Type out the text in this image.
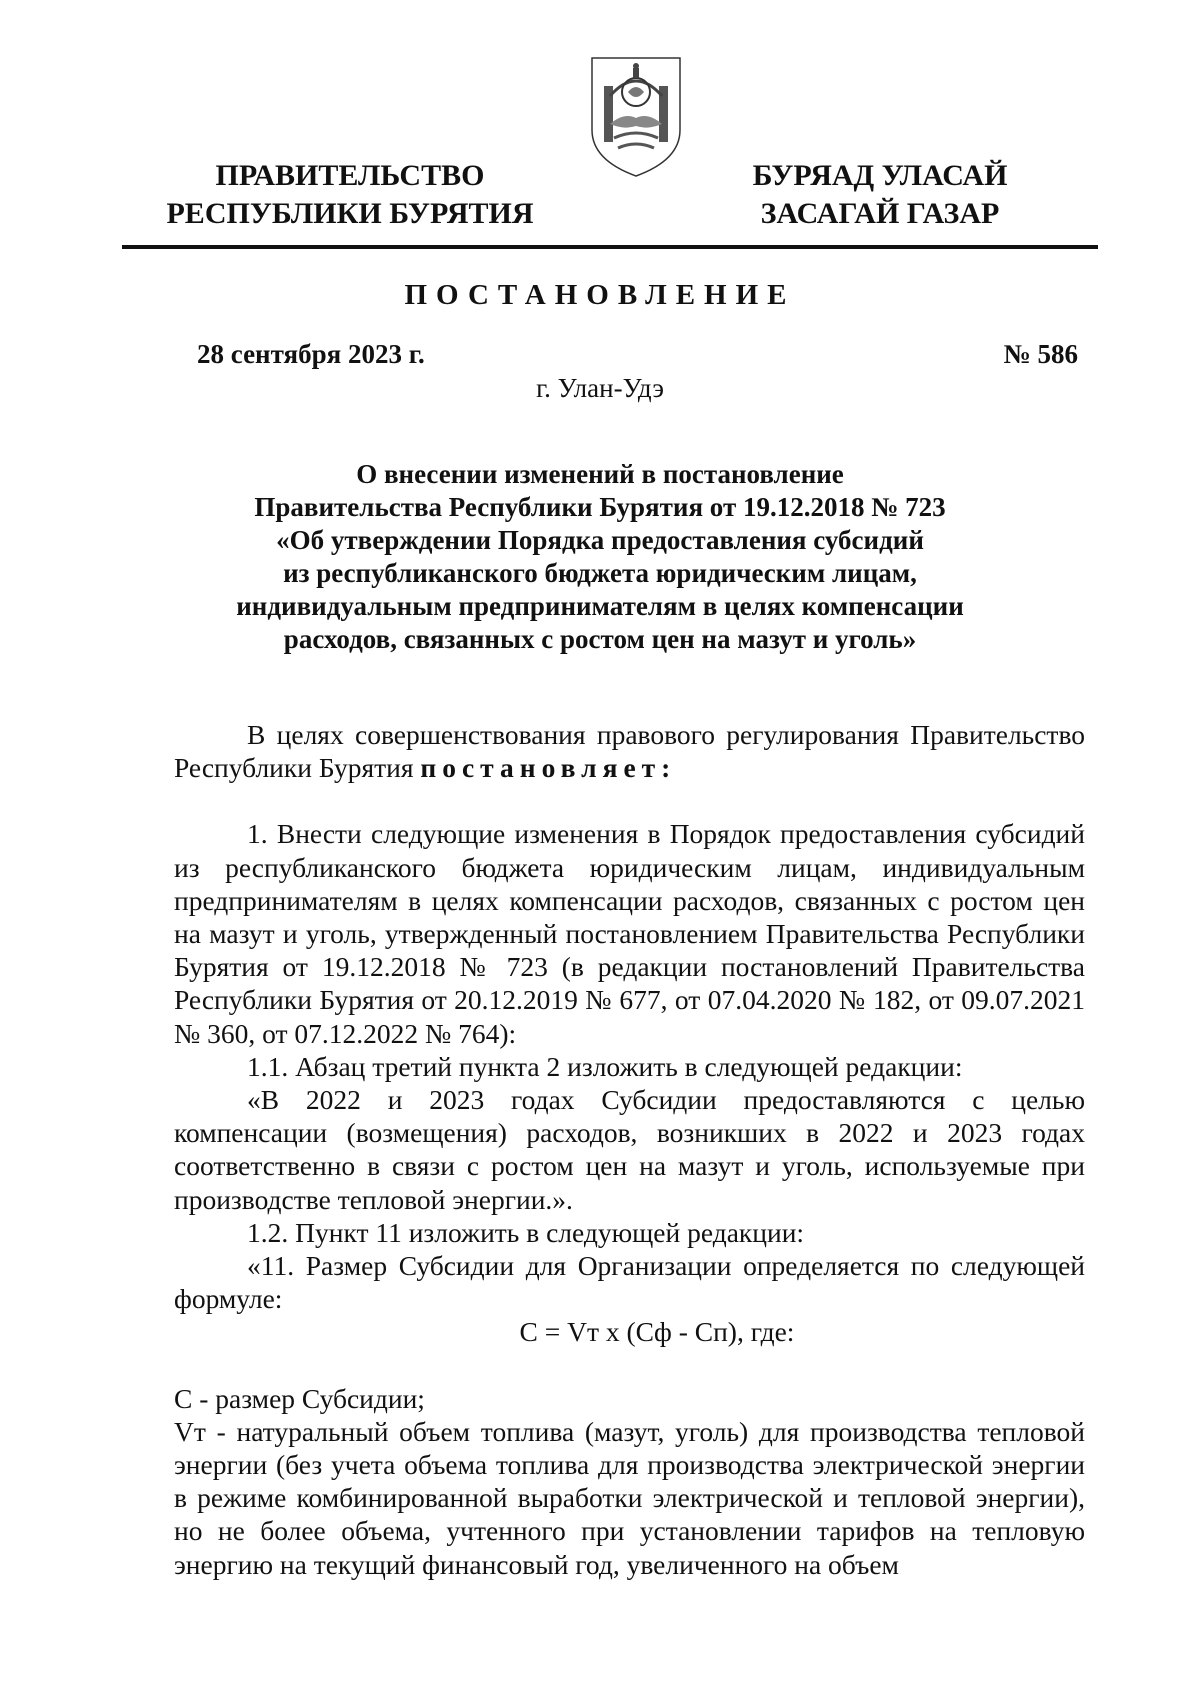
ПРАВИТЕЛЬСТВО
РЕСПУБЛИКИ БУРЯТИЯ
БУРЯАД УЛАСАЙ
ЗАСАГАЙ ГАЗАР
ПОСТАНОВЛЕНИЕ
28 сентября 2023 г.	№ 586
г. Улан-Удэ
О внесении изменений в постановление
Правительства Республики Бурятия от 19.12.2018 № 723
«Об утверждении Порядка предоставления субсидий
из республиканского бюджета юридическим лицам,
индивидуальным предпринимателям в целях компенсации
расходов, связанных с ростом цен на мазут и уголь»

В целях совершенствования правового регулирования Правительство Республики Бурятия постановляет:

1. Внести следующие изменения в Порядок предоставления субсидий из республиканского бюджета юридическим лицам, индивидуальным предпринимателям в целях компенсации расходов, связанных с ростом цен на мазут и уголь, утвержденный постановлением Правительства Республики Бурятия от 19.12.2018 № 723 (в редакции постановлений Правительства Республики Бурятия от 20.12.2019 № 677, от 07.04.2020 № 182, от 09.07.2021 № 360, от 07.12.2022 № 764):

1.1. Абзац третий пункта 2 изложить в следующей редакции:

«В 2022 и 2023 годах Субсидии предоставляются с целью компенсации (возмещения) расходов, возникших в 2022 и 2023 годах соответственно в связи с ростом цен на мазут и уголь, используемые при производстве тепловой энергии.».

1.2. Пункт 11 изложить в следующей редакции:

«11. Размер Субсидии для Организации определяется по следующей формуле:

С = Vт х (Сф - Сп), где:

С - размер Субсидии;

Vт - натуральный объем топлива (мазут, уголь) для производства тепловой энергии (без учета объема топлива для производства электрической энергии в режиме комбинированной выработки электрической и тепловой энергии), но не более объема, учтенного при установлении тарифов на тепловую энергию на текущий финансовый год, увеличенного на объем
